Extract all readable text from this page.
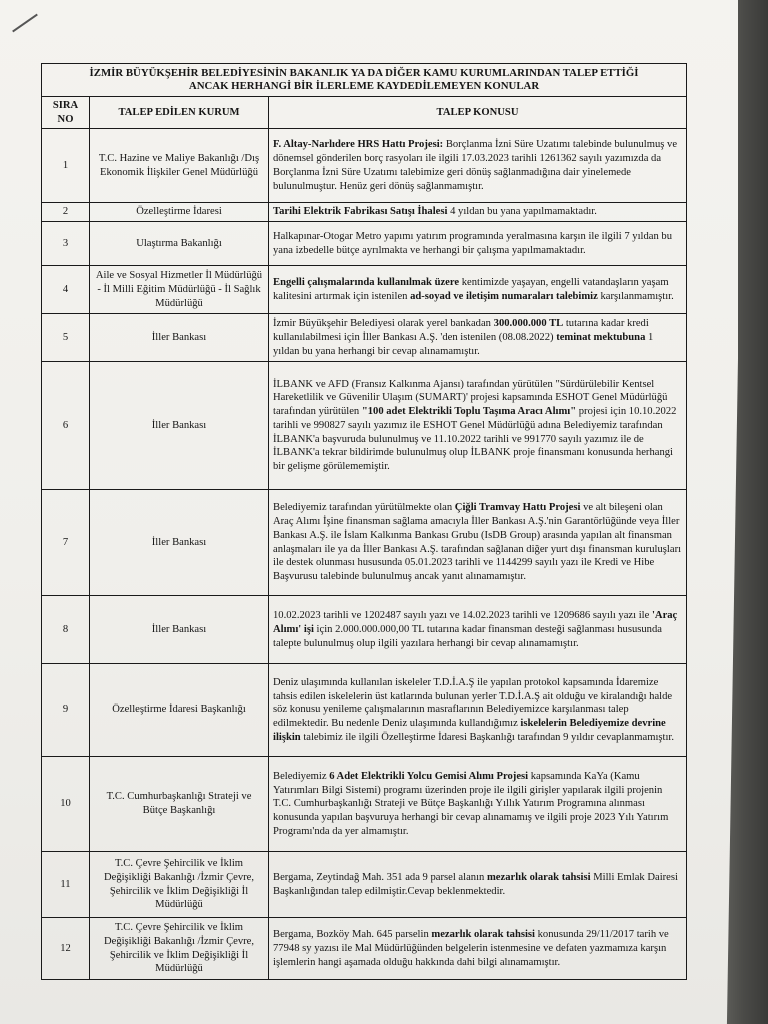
İZMİR BÜYÜKŞEHİR BELEDİYESİNİN BAKANLIK YA DA DİĞER KAMU KURUMLARINDAN TALEP ETTİĞİ
ANCAK HERHANGİ BİR İLERLEME KAYDEDİLEMEYEN KONULAR		

SIRA
NO	TALEP EDİLEN KURUM	TALEP KONUSU
1	T.C. Hazine ve Maliye Bakanlığı /Dış Ekonomik İlişkiler Genel Müdürlüğü	F. Altay-Narlıdere HRS Hattı Projesi: Borçlanma İzni Süre Uzatımı talebinde bulunulmuş ve dönemsel gönderilen borç rasyoları ile ilgili 17.03.2023 tarihli 1261362 sayılı yazımızda da Borçlanma İzni Süre Uzatımı talebimize geri dönüş sağlanmadığına dair yinelemede bulunulmuştur. Henüz geri dönüş sağlanmamıştır.
2	Özelleştirme İdaresi	Tarihi Elektrik Fabrikası Satışı İhalesi 4 yıldan bu yana yapılmamaktadır.
3	Ulaştırma Bakanlığı	Halkapınar-Otogar Metro yapımı yatırım programında yeralmasına karşın ile ilgili 7 yıldan bu yana izbedelle bütçe ayrılmakta ve herhangi bir çalışma yapılmamaktadır.
4	Aile ve Sosyal Hizmetler İl Müdürlüğü - İl Milli Eğitim Müdürlüğü - İl Sağlık Müdürlüğü	Engelli çalışmalarında kullanılmak üzere kentimizde yaşayan, engelli vatandaşların yaşam kalitesini artırmak için istenilen ad-soyad ve iletişim numaraları talebimiz karşılanmamıştır.
5	İller Bankası	İzmir Büyükşehir Belediyesi olarak yerel bankadan 300.000.000 TL tutarına kadar kredi kullanılabilmesi için İller Bankası A.Ş. 'den istenilen (08.08.2022) teminat mektubuna 1 yıldan bu yana herhangi bir cevap alınamamıştır.
6	İller Bankası	İLBANK ve AFD (Fransız Kalkınma Ajansı) tarafından yürütülen "Sürdürülebilir Kentsel Hareketlilik ve Güvenilir Ulaşım (SUMART)' projesi kapsamında ESHOT Genel Müdürlüğü tarafından yürütülen "100 adet Elektrikli Toplu Taşıma Aracı Alımı" projesi için 10.10.2022 tarihli ve 990827 sayılı yazımız ile ESHOT Genel Müdürlüğü adına Belediyemiz tarafından İLBANK'a başvuruda bulunulmuş ve 11.10.2022 tarihli ve 991770 sayılı yazımız ile de İLBANK'a tekrar bildirimde bulunulmuş olup İLBANK proje finansmanı konusunda herhangi bir gelişme görülememiştir.
7	İller Bankası	Belediyemiz tarafından yürütülmekte olan Çiğli Tramvay Hattı Projesi ve alt bileşeni olan Araç Alımı İşine finansman sağlama amacıyla İller Bankası A.Ş.'nin Garantörlüğünde veya İller Bankası A.Ş. ile İslam Kalkınma Bankası Grubu (IsDB Group) arasında yapılan alt finansman anlaşmaları ile ya da İller Bankası A.Ş. tarafından sağlanan diğer yurt dışı finansman kuruluşları ile destek olunması hususunda 05.01.2023 tarihli ve 1144299 sayılı yazı ile Kredi ve Hibe Başvurusu talebinde bulunulmuş ancak yanıt alınamamıştır.
8	İller Bankası	10.02.2023 tarihli ve 1202487 sayılı yazı ve 14.02.2023 tarihli ve 1209686 sayılı yazı ile 'Araç Alımı' işi için 2.000.000.000,00 TL tutarına kadar finansman desteği sağlanması hususunda talepte bulunulmuş olup ilgili yazılara herhangi bir cevap alınamamıştır.
9	Özelleştirme İdaresi Başkanlığı	Deniz ulaşımında kullanılan iskeleler T.D.İ.A.Ş ile yapılan protokol kapsamında İdaremize tahsis edilen iskelelerin üst katlarında bulunan yerler T.D.İ.A.Ş ait olduğu ve kiralandığı halde söz konusu yenileme çalışmalarının masraflarının Belediyemizce karşılanması talep edilmektedir. Bu nedenle Deniz ulaşımında kullandığımız iskelelerin Belediyemize devrine ilişkin talebimiz ile ilgili Özelleştirme İdaresi Başkanlığı tarafından 9 yıldır cevaplanmamıştır.
10	T.C. Cumhurbaşkanlığı Strateji ve Bütçe Başkanlığı	Belediyemiz 6 Adet Elektrikli Yolcu Gemisi Alımı Projesi kapsamında KaYa (Kamu Yatırımları Bilgi Sistemi) programı üzerinden proje ile ilgili girişler yapılarak ilgili projenin T.C. Cumhurbaşkanlığı Strateji ve Bütçe Başkanlığı Yıllık Yatırım Programına alınması konusunda yapılan başvuruya herhangi bir cevap alınamamış ve ilgili proje 2023 Yılı Yatırım Programı'nda da yer almamıştır.
11	T.C. Çevre Şehircilik ve İklim Değişikliği Bakanlığı /İzmir Çevre, Şehircilik ve İklim Değişikliği İl Müdürlüğü	Bergama, Zeytindağ Mah. 351 ada 9 parsel alanın mezarlık olarak tahsisi Milli Emlak Dairesi Başkanlığından talep edilmiştir.Cevap beklenmektedir.
12	T.C. Çevre Şehircilik ve İklim Değişikliği Bakanlığı /İzmir Çevre, Şehircilik ve İklim Değişikliği İl Müdürlüğü	Bergama, Bozköy Mah. 645 parselin mezarlık olarak tahsisi konusunda 29/11/2017 tarih ve 77948 sy yazısı ile Mal Müdürlüğünden belgelerin istenmesine ve defaten yazmamıza karşın işlemlerin hangi aşamada olduğu hakkında dahi bilgi alınamamıştır.
